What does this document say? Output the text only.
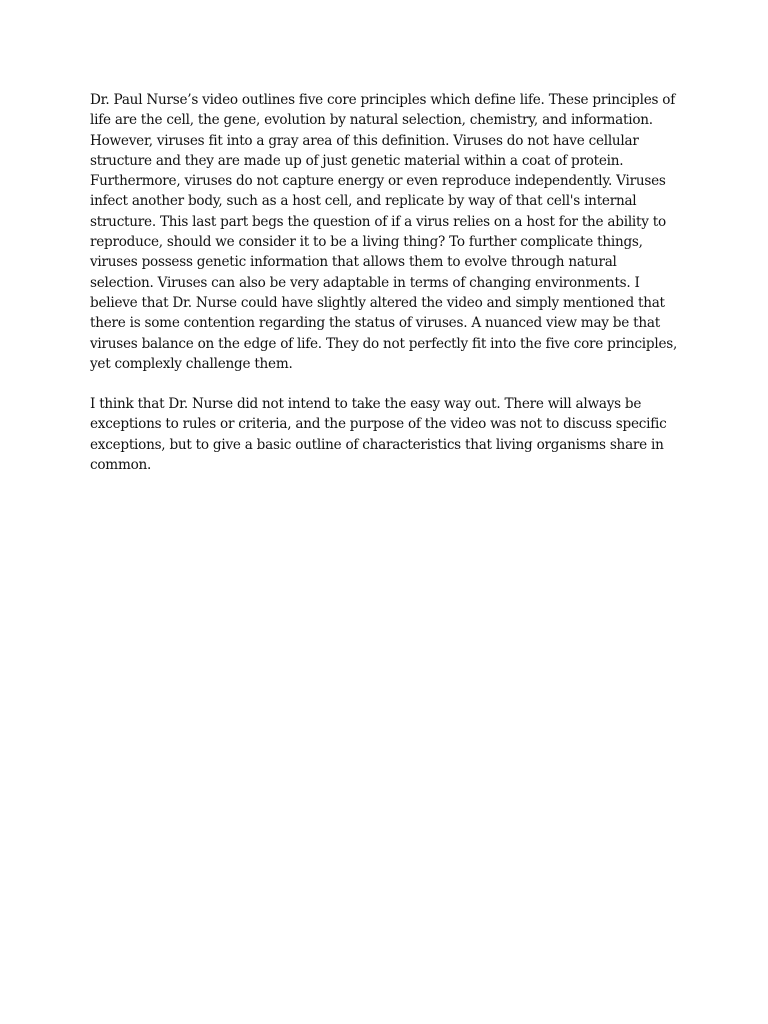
Dr. Paul Nurse’s video outlines five core principles which define life. These principles of
life are the cell, the gene, evolution by natural selection, chemistry, and information.
However, viruses fit into a gray area of this definition. Viruses do not have cellular
structure and they are made up of just genetic material within a coat of protein.
Furthermore, viruses do not capture energy or even reproduce independently. Viruses
infect another body, such as a host cell, and replicate by way of that cell's internal
structure. This last part begs the question of if a virus relies on a host for the ability to
reproduce, should we consider it to be a living thing? To further complicate things,
viruses possess genetic information that allows them to evolve through natural
selection. Viruses can also be very adaptable in terms of changing environments. I
believe that Dr. Nurse could have slightly altered the video and simply mentioned that
there is some contention regarding the status of viruses. A nuanced view may be that
viruses balance on the edge of life. They do not perfectly fit into the five core principles,
yet complexly challenge them.

I think that Dr. Nurse did not intend to take the easy way out. There will always be
exceptions to rules or criteria, and the purpose of the video was not to discuss specific
exceptions, but to give a basic outline of characteristics that living organisms share in
common.
